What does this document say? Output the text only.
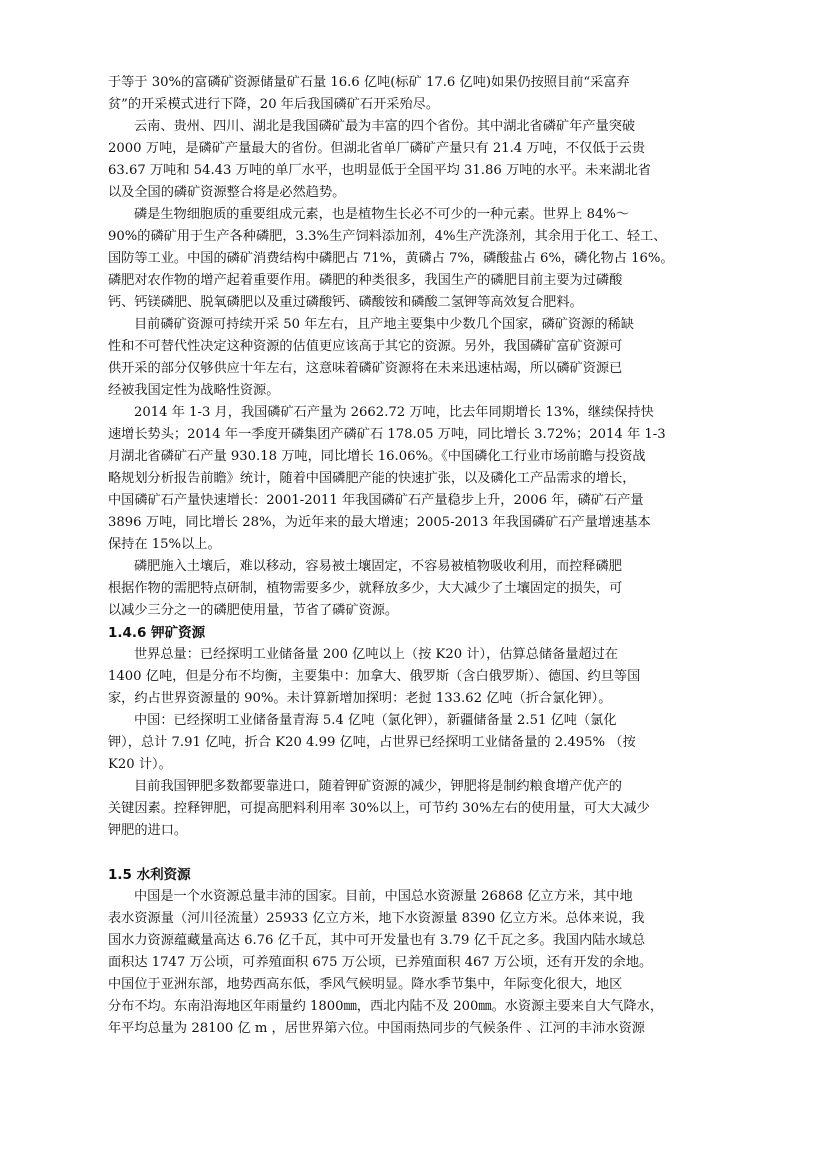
于等于 30%的富磷矿资源储量矿石量 16.6 亿吨(标矿 17.6 亿吨)如果仍按照目前“采富弃
贫”的开采模式进行下降，20 年后我国磷矿石开采殆尽。
云南、贵州、四川、湖北是我国磷矿最为丰富的四个省份。其中湖北省磷矿年产量突破
2000 万吨，是磷矿产量最大的省份。但湖北省单厂磷矿产量只有 21.4 万吨，不仅低于云贵
63.67 万吨和 54.43 万吨的单厂水平，也明显低于全国平均 31.86 万吨的水平。未来湖北省
以及全国的磷矿资源整合将是必然趋势。
磷是生物细胞质的重要组成元素，也是植物生长必不可少的一种元素。世界上 84%～
90%的磷矿用于生产各种磷肥，3.3%生产饲料添加剂，4%生产洗涤剂，其余用于化工、轻工、
国防等工业。中国的磷矿消费结构中磷肥占 71%，黄磷占 7%，磷酸盐占 6%，磷化物占 16%。
磷肥对农作物的增产起着重要作用。磷肥的种类很多，我国生产的磷肥目前主要为过磷酸
钙、钙镁磷肥、脱氧磷肥以及重过磷酸钙、磷酸铵和磷酸二氢钾等高效复合肥料。
目前磷矿资源可持续开采 50 年左右，且产地主要集中少数几个国家，磷矿资源的稀缺
性和不可替代性决定这种资源的估值更应该高于其它的资源。另外，我国磷矿富矿资源可
供开采的部分仅够供应十年左右，这意味着磷矿资源将在未来迅速枯竭，所以磷矿资源已
经被我国定性为战略性资源。
2014 年 1-3 月，我国磷矿石产量为 2662.72 万吨，比去年同期增长 13%，继续保持快
速增长势头；2014 年一季度开磷集团产磷矿石 178.05 万吨，同比增长 3.72%；2014 年 1-3
月湖北省磷矿石产量 930.18 万吨，同比增长 16.06%。《中国磷化工行业市场前瞻与投资战
略规划分析报告前瞻》统计，随着中国磷肥产能的快速扩张，以及磷化工产品需求的增长，
中国磷矿石产量快速增长：2001-2011 年我国磷矿石产量稳步上升，2006 年，磷矿石产量
3896 万吨，同比增长 28%，为近年来的最大增速；2005-2013 年我国磷矿石产量增速基本
保持在 15%以上。
磷肥施入土壤后，难以移动，容易被土壤固定，不容易被植物吸收利用，而控释磷肥
根据作物的需肥特点研制，植物需要多少，就释放多少，大大减少了土壤固定的损失，可
以减少三分之一的磷肥使用量，节省了磷矿资源。
1.4.6 钾矿资源
世界总量：已经探明工业储备量 200 亿吨以上（按 K20 计），估算总储备量超过在
1400 亿吨，但是分布不均衡，主要集中：加拿大、俄罗斯（含白俄罗斯）、德国、约旦等国
家，约占世界资源量的 90%。未计算新增加探明：老挝 133.62 亿吨（折合氯化钾）。
中国：已经探明工业储备量青海 5.4 亿吨（氯化钾），新疆储备量 2.51 亿吨（氯化
钾），总计 7.91 亿吨，折合 K20 4.99 亿吨，占世界已经探明工业储备量的 2.495% （按
K20 计）。
目前我国钾肥多数都要靠进口，随着钾矿资源的减少，钾肥将是制约粮食增产优产的
关键因素。控释钾肥，可提高肥料利用率 30%以上，可节约 30%左右的使用量，可大大减少
钾肥的进口。
1.5 水利资源
中国是一个水资源总量丰沛的国家。目前，中国总水资源量 26868 亿立方米，其中地
表水资源量（河川径流量）25933 亿立方米，地下水资源量 8390 亿立方米。总体来说，我
国水力资源蕴藏量高达 6.76 亿千瓦，其中可开发量也有 3.79 亿千瓦之多。我国内陆水域总
面积达 1747 万公顷，可养殖面积 675 万公顷，已养殖面积 467 万公顷，还有开发的余地。
中国位于亚洲东部，地势西高东低，季风气候明显。降水季节集中，年际变化很大，地区
分布不均。东南沿海地区年雨量约 1800㎜，西北内陆不及 200㎜。水资源主要来自大气降水，
年平均总量为 28100 亿 m ，居世界第六位。中国雨热同步的气候条件 、江河的丰沛水资源
